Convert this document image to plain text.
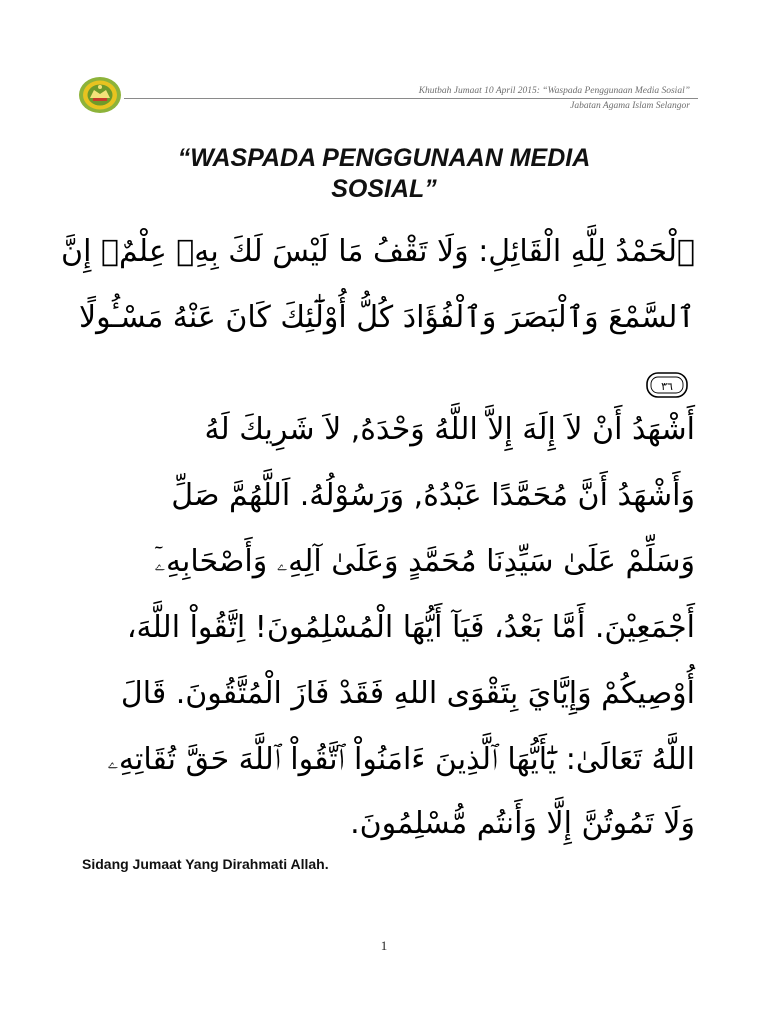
Khutbah Jumaat 10 April 2015: “Waspada Penggunaan Media Sosial”
Jabatan Agama Islam Selangor
“WASPADA PENGGUNAAN MEDIA
SOSIAL”
ٱلْحَمْدُ لِلَّهِ الْقَائِلِ: وَلَا تَقْفُ مَا لَيْسَ لَكَ بِهِۦ عِلْمٌۚ إِنَّ
ٱلسَّمْعَ وَٱلْبَصَرَ وَٱلْفُؤَادَ كُلُّ أُوْلَٰٓئِكَ كَانَ عَنْهُ مَسْـُٔولًا
٣٦
أَشْهَدُ أَنْ لاَ إِلَهَ إِلاَّ اللَّهُ وَحْدَهُ, لاَ شَرِيكَ لَهُ
وَأَشْهَدُ أَنَّ مُحَمَّدًا عَبْدُهُ, وَرَسُوْلُهُ. اَللَّهُمَّ صَلِّ
وَسَلِّمْ عَلَىٰ سَيِّدِنَا مُحَمَّدٍ وَعَلَىٰ آلِهِۦ وَأَصْحَابِهِۦٓ
أَجْمَعِيْنَ. أَمَّا بَعْدُ، فَيَآ أَيُّهَا الْمُسْلِمُونَ! اِتَّقُواْ اللَّهَ،
أُوْصِيكُمْ وَإِيَّايَ بِتَقْوَى اللهِ فَقَدْ فَازَ الْمُتَّقُونَ. قَالَ
اللَّهُ تَعَالَىٰ: يَٰٓأَيُّهَا ٱلَّذِينَ ءَامَنُواْ ٱتَّقُواْ ٱللَّهَ حَقَّ تُقَاتِهِۦ
وَلَا تَمُوتُنَّ إِلَّا وَأَنتُم مُّسْلِمُونَ.
Sidang Jumaat Yang Dirahmati Allah.
1
